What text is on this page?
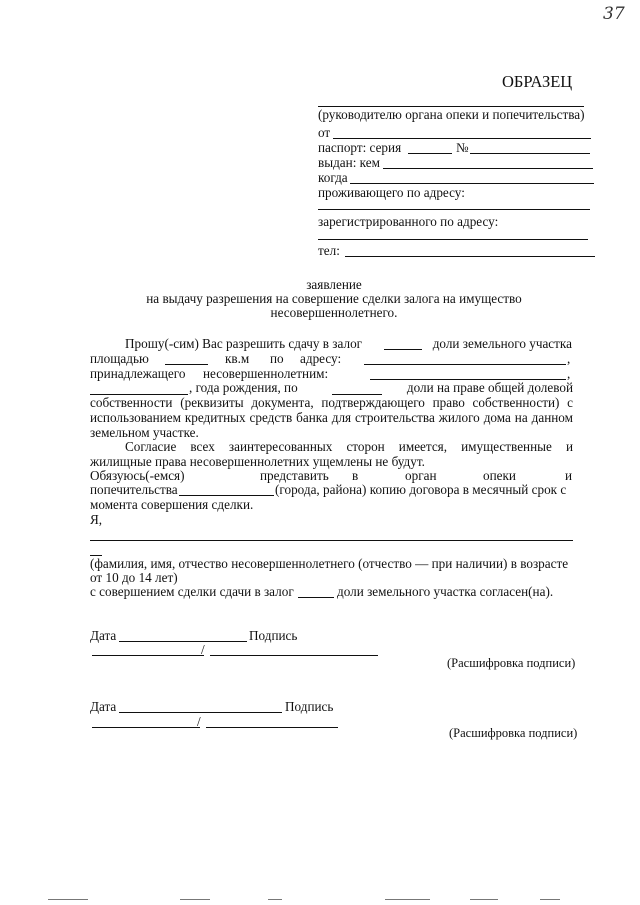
37
ОБРАЗЕЦ
(руководителю органа опеки и попечительства)
от
паспорт: серия	№
выдан: кем
когда
проживающего по адресу:
зарегистрированного по адресу:
тел:
заявление
на выдачу разрешения на совершение сделки залога на имущество
несовершеннолетнего.
Прошу(-сим) Вас разрешить сдачу в залог	доли земельного участка
площадью	кв.м по адресу:	,
принадлежащего несовершеннолетним:	,
, года рождения, по	доли на праве общей долевой
собственности (реквизиты документа, подтверждающего право собственности) с
использованием кредитных средств банка для строительства жилого дома на данном
земельном участке.
Согласие всех заинтересованных сторон имеется, имущественные и
жилищные права несовершеннолетних ущемлены не будут.
Обязуюсь(-емся)	представить в	орган	опеки	и
попечительства	(города, района) копию договора в месячный срок с
момента совершения сделки.
Я,
(фамилия, имя, отчество несовершеннолетнего (отчество — при наличии) в возрасте
от 10 до 14 лет)
с совершением сделки сдачи в залог	доли земельного участка согласен(на).
Дата	Подпись
/
(Расшифровка подписи)
Дата	Подпись
/
(Расшифровка подписи)
